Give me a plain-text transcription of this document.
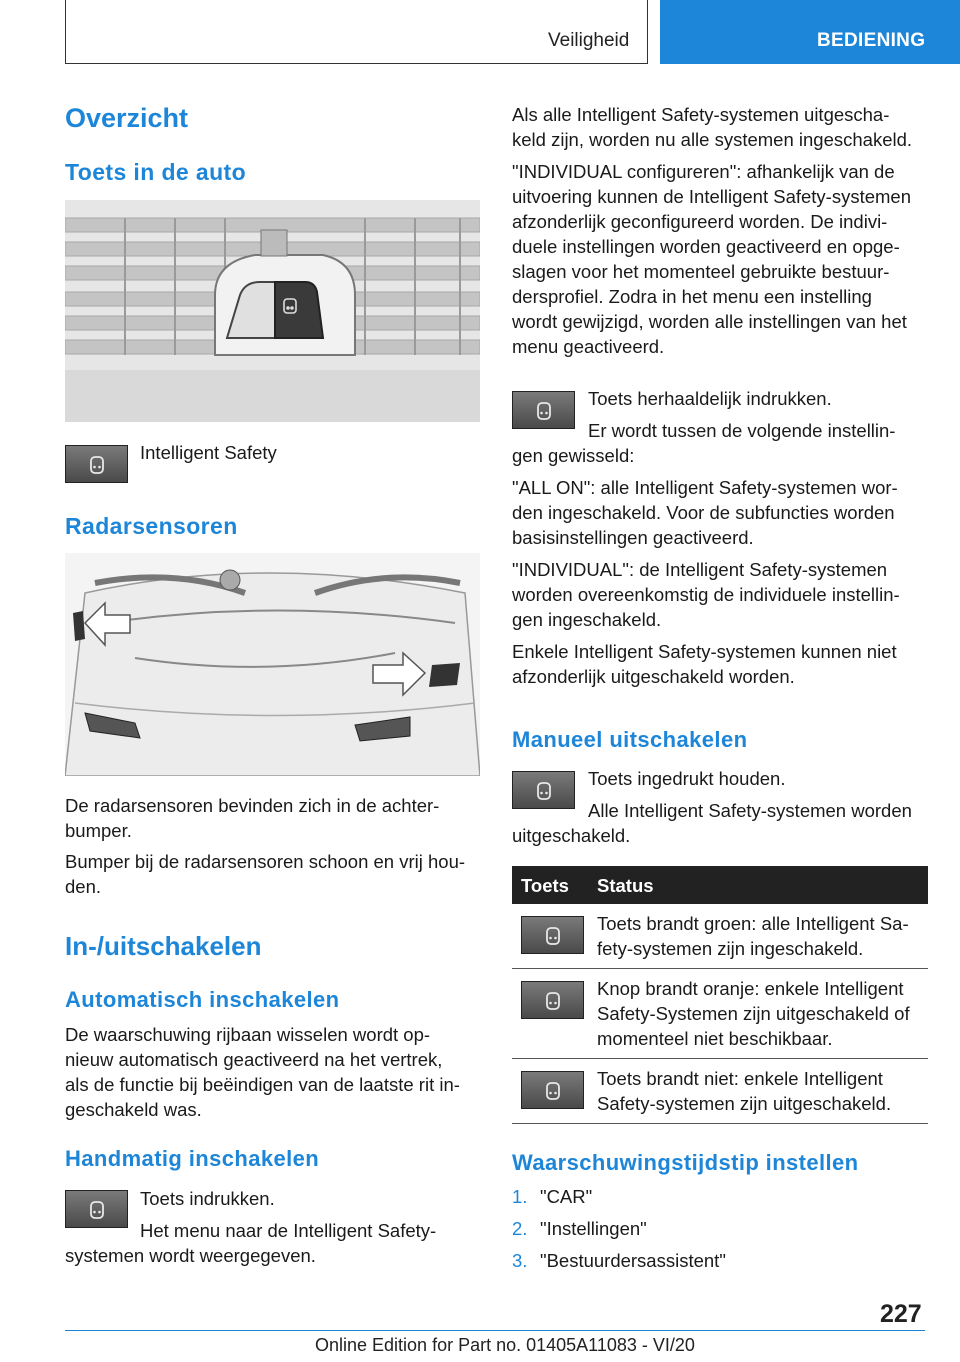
Veiligheid	BEDIENING
Overzicht
Toets in de auto
Intelligent Safety
Radarsensoren
De radarsensoren bevinden zich in de achter-
bumper.
Bumper bij de radarsensoren schoon en vrij hou-
den.
In-/uitschakelen
Automatisch inschakelen
De waarschuwing rijbaan wisselen wordt op-
nieuw automatisch geactiveerd na het vertrek,
als de functie bij beëindigen van de laatste rit in-
geschakeld was.
Handmatig inschakelen
Toets indrukken.
Het menu naar de Intelligent Safety-
systemen wordt weergegeven.
Als alle Intelligent Safety-systemen uitgescha-
keld zijn, worden nu alle systemen ingeschakeld.
"INDIVIDUAL configureren": afhankelijk van de
uitvoering kunnen de Intelligent Safety-systemen
afzonderlijk geconfigureerd worden. De indivi-
duele instellingen worden geactiveerd en opge-
slagen voor het momenteel gebruikte bestuur-
dersprofiel. Zodra in het menu een instelling
wordt gewijzigd, worden alle instellingen van het
menu geactiveerd.
Toets herhaaldelijk indrukken.
Er wordt tussen de volgende instellin-
gen gewisseld:
"ALL ON": alle Intelligent Safety-systemen wor-
den ingeschakeld. Voor de subfuncties worden
basisinstellingen geactiveerd.
"INDIVIDUAL": de Intelligent Safety-systemen
worden overeenkomstig de individuele instellin-
gen ingeschakeld.
Enkele Intelligent Safety-systemen kunnen niet
afzonderlijk uitgeschakeld worden.
Manueel uitschakelen
Toets ingedrukt houden.
Alle Intelligent Safety-systemen worden
uitgeschakeld.
Toets Status
Toets brandt groen: alle Intelligent Sa-
fety-systemen zijn ingeschakeld.
Knop brandt oranje: enkele Intelligent
Safety-Systemen zijn uitgeschakeld of
momenteel niet beschikbaar.
Toets brandt niet: enkele Intelligent
Safety-systemen zijn uitgeschakeld.
Waarschuwingstijdstip instellen
1. "CAR"
2. "Instellingen"
3. "Bestuurdersassistent"
227
Online Edition for Part no. 01405A11083 - VI/20
